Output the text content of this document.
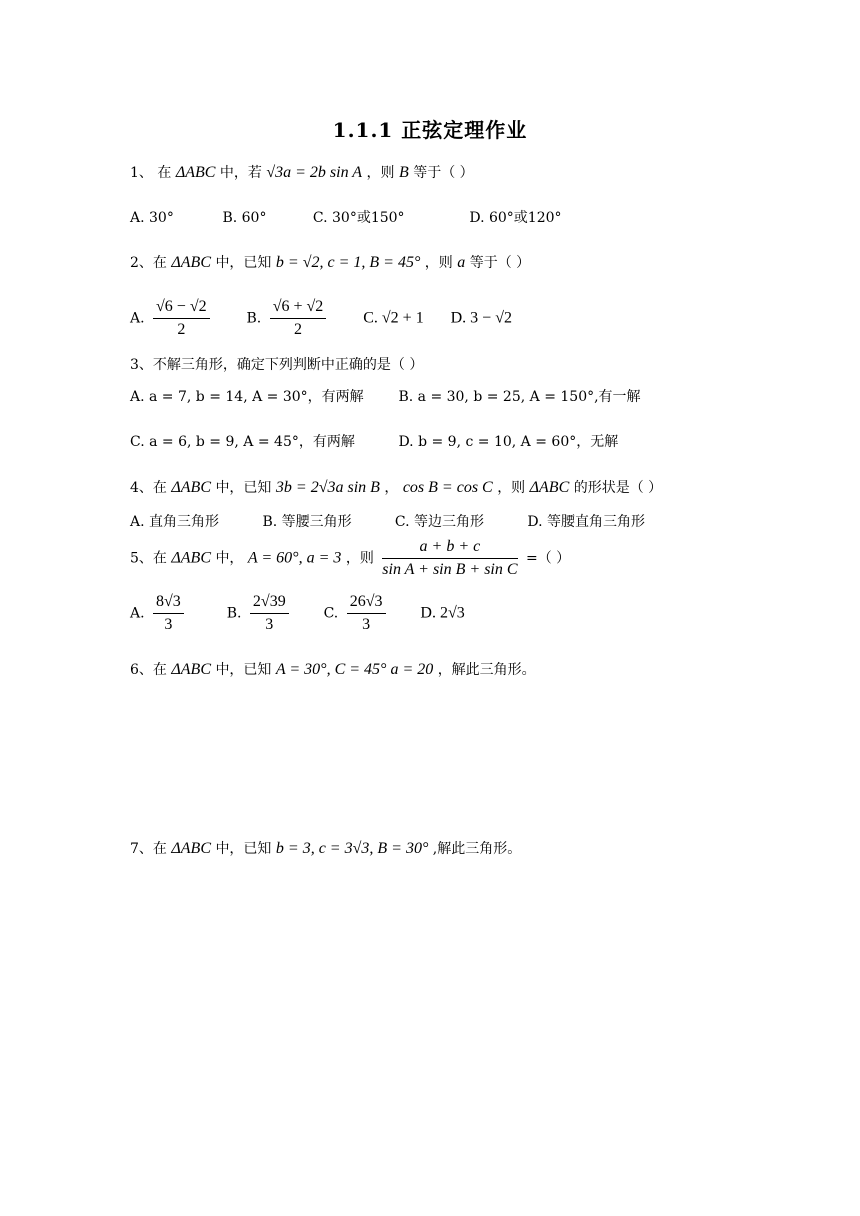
1.1.1 正弦定理作业
1、 在 ΔABC 中，若 √3a = 2b sin A ，则 B 等于（ ）
A. 30°	B. 60°	C. 30°或150°	D. 60°或120°
2、在 ΔABC 中，已知 b = √2, c = 1, B = 45° ，则 a 等于（ ）
A. $\frac{√6 - √2}{2}$	B. $\frac{√6 + √2}{2} C$. √2 + 1 D. 3 − √2
3、不解三角形，确定下列判断中正确的是（ ）
A. a = 7, b = 14, A = 30°，有两解 B. a = 30, b = 25, A = 150°,有一解
C. a = 6, b = 9, A = 45°，有两解	D. b = 9, c = 10, A = 60°，无解
4、在 ΔABC 中，已知 3b = 2√3a sin B ， cos B = cos C ，则 ΔABC 的形状是（ ）
A. 直角三角形	B. 等腰三角形	C. 等边三角形	D. 等腰直角三角形
5、在 ΔABC 中， A = 60°, a = 3 ，则 $\frac{a + b + c}{\text{sin A + sin B + sin C}}$ =（ ）
A. $\frac{8√3}{3}$	B. $\frac{2√39}{3} C$. $\frac{26√3}{3} D$. 2√3
6、在 ΔABC 中，已知 A = 30°, C = 45° a = 20 ，解此三角形。
7、在 ΔABC 中，已知 b = 3, c = 3√3, B = 30° ,解此三角形。
